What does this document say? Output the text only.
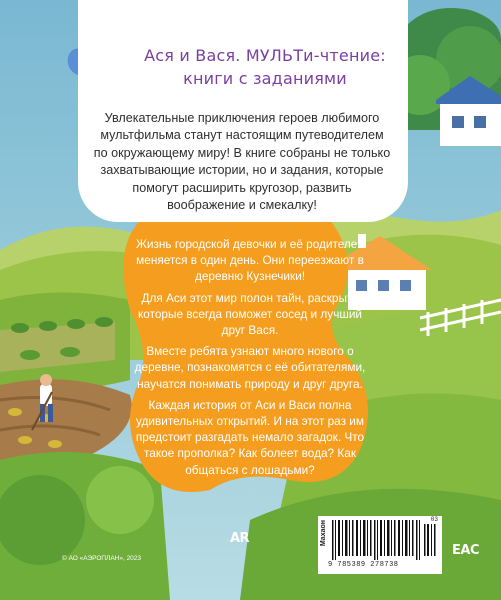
Ася и Вася. МУЛЬТи-чтение:
книги с заданиями

Увлекательные приключения героев любимого мультфильма станут настоящим путеводителем по окружающему миру! В книге собраны не только захватывающие истории, но и задания, которые помогут расширить кругозор, развить воображение и смекалку!

Жизнь городской девочки и её родителей меняется в один день. Они переезжают в деревню Кузнечики!

Для Аси этот мир полон тайн, раскрыть которые всегда поможет сосед и лучший друг Вася.

Вместе ребята узнают много нового о деревне, познакомятся с её обитателями, научатся понимать природу и друг друга.

Каждая история от Аси и Васи полна удивительных открытий. И на этот раз им предстоит разгадать немало загадок. Что такое прополка? Как болеет вода? Как общаться с лошадьми?

AR
© АО «АЭРОПЛАН», 2023
Махаон
03
9 785389 278738
EAC
